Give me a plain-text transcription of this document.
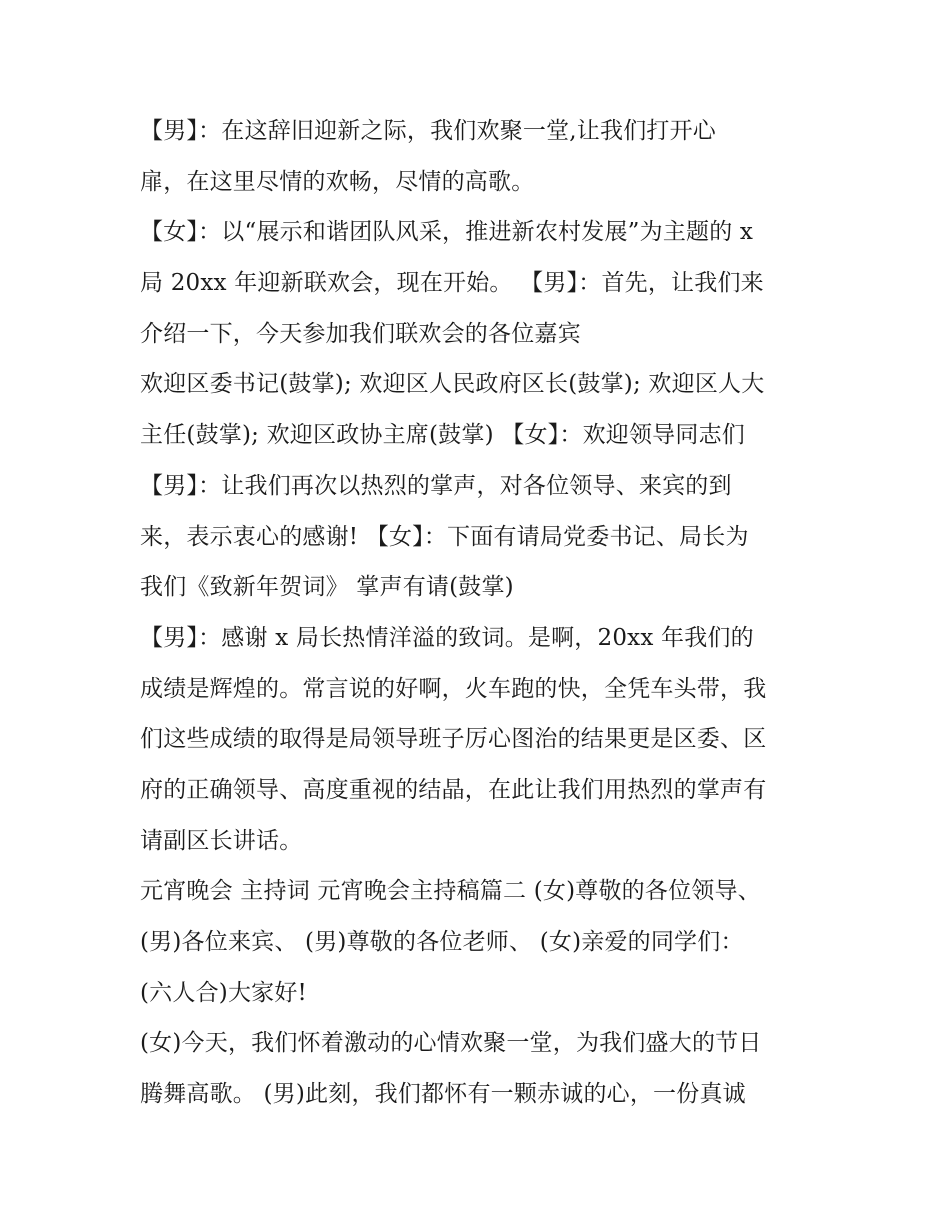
【男】：在这辞旧迎新之际，我们欢聚一堂,让我们打开心
扉，在这里尽情的欢畅，尽情的高歌。
【女】：以“展示和谐团队风采，推进新农村发展”为主题的 x
局 20xx 年迎新联欢会，现在开始。 【男】：首先，让我们来
介绍一下，今天参加我们联欢会的各位嘉宾
欢迎区委书记(鼓掌); 欢迎区人民政府区长(鼓掌); 欢迎区人大
主任(鼓掌); 欢迎区政协主席(鼓掌) 【女】：欢迎领导同志们
【男】：让我们再次以热烈的掌声，对各位领导、来宾的到
来，表示衷心的感谢! 【女】：下面有请局党委书记、局长为
我们《致新年贺词》 掌声有请(鼓掌)
【男】：感谢 x 局长热情洋溢的致词。是啊，20xx 年我们的
成绩是辉煌的。常言说的好啊，火车跑的快，全凭车头带，我
们这些成绩的取得是局领导班子厉心图治的结果更是区委、区
府的正确领导、高度重视的结晶，在此让我们用热烈的掌声有
请副区长讲话。
元宵晚会 主持词 元宵晚会主持稿篇二 (女)尊敬的各位领导、
(男)各位来宾、 (男)尊敬的各位老师、 (女)亲爱的同学们：
(六人合)大家好!
(女)今天，我们怀着激动的心情欢聚一堂，为我们盛大的节日
腾舞高歌。 (男)此刻，我们都怀有一颗赤诚的心，一份真诚
